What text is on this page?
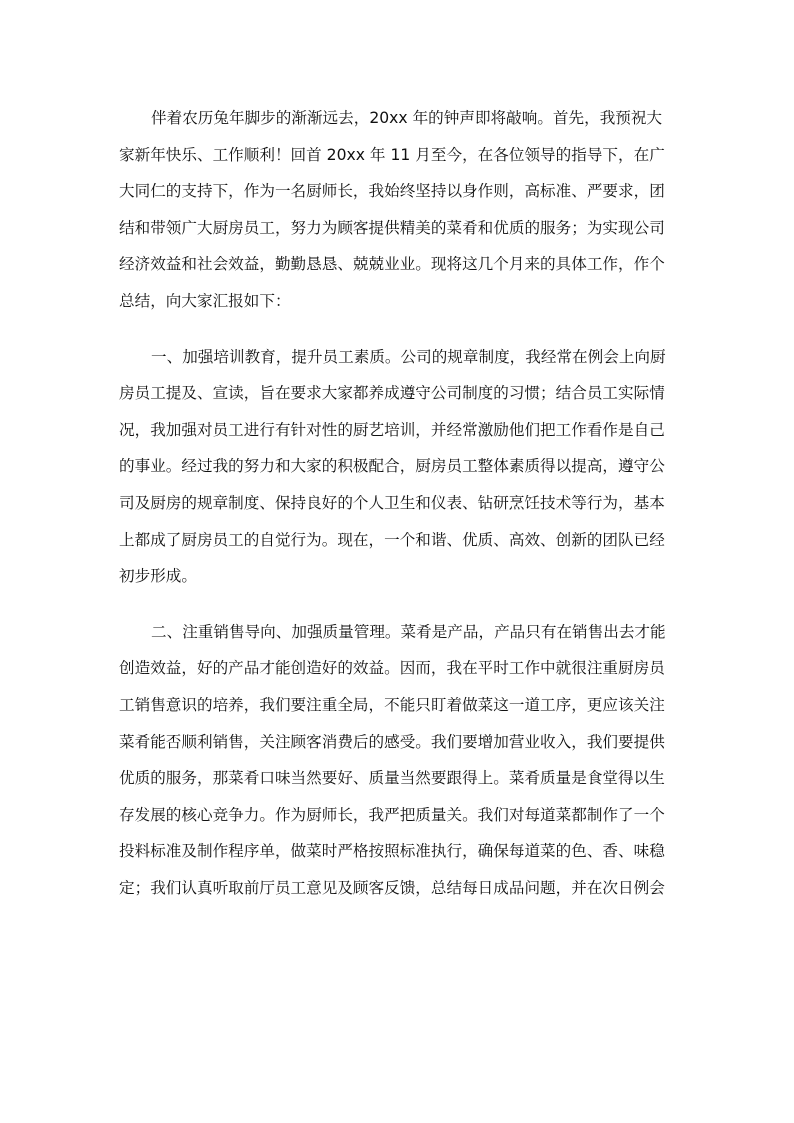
伴着农历兔年脚步的渐渐远去，20xx 年的钟声即将敲响。首先，我预祝大
家新年快乐、工作顺利！回首 20xx 年 11 月至今，在各位领导的指导下，在广
大同仁的支持下，作为一名厨师长，我始终坚持以身作则，高标准、严要求，团
结和带领广大厨房员工，努力为顾客提供精美的菜肴和优质的服务；为实现公司
经济效益和社会效益，勤勤恳恳、兢兢业业。现将这几个月来的具体工作，作个
总结，向大家汇报如下：
一、加强培训教育，提升员工素质。公司的规章制度，我经常在例会上向厨
房员工提及、宣读，旨在要求大家都养成遵守公司制度的习惯；结合员工实际情
况，我加强对员工进行有针对性的厨艺培训，并经常激励他们把工作看作是自己
的事业。经过我的努力和大家的积极配合，厨房员工整体素质得以提高，遵守公
司及厨房的规章制度、保持良好的个人卫生和仪表、钻研烹饪技术等行为，基本
上都成了厨房员工的自觉行为。现在，一个和谐、优质、高效、创新的团队已经
初步形成。
二、注重销售导向、加强质量管理。菜肴是产品，产品只有在销售出去才能
创造效益，好的产品才能创造好的效益。因而，我在平时工作中就很注重厨房员
工销售意识的培养，我们要注重全局，不能只盯着做菜这一道工序，更应该关注
菜肴能否顺利销售，关注顾客消费后的感受。我们要增加营业收入，我们要提供
优质的服务，那菜肴口味当然要好、质量当然要跟得上。菜肴质量是食堂得以生
存发展的核心竞争力。作为厨师长，我严把质量关。我们对每道菜都制作了一个
投料标准及制作程序单，做菜时严格按照标准执行，确保每道菜的色、香、味稳
定；我们认真听取前厅员工意见及顾客反馈，总结每日成品问题，并在次日例会
